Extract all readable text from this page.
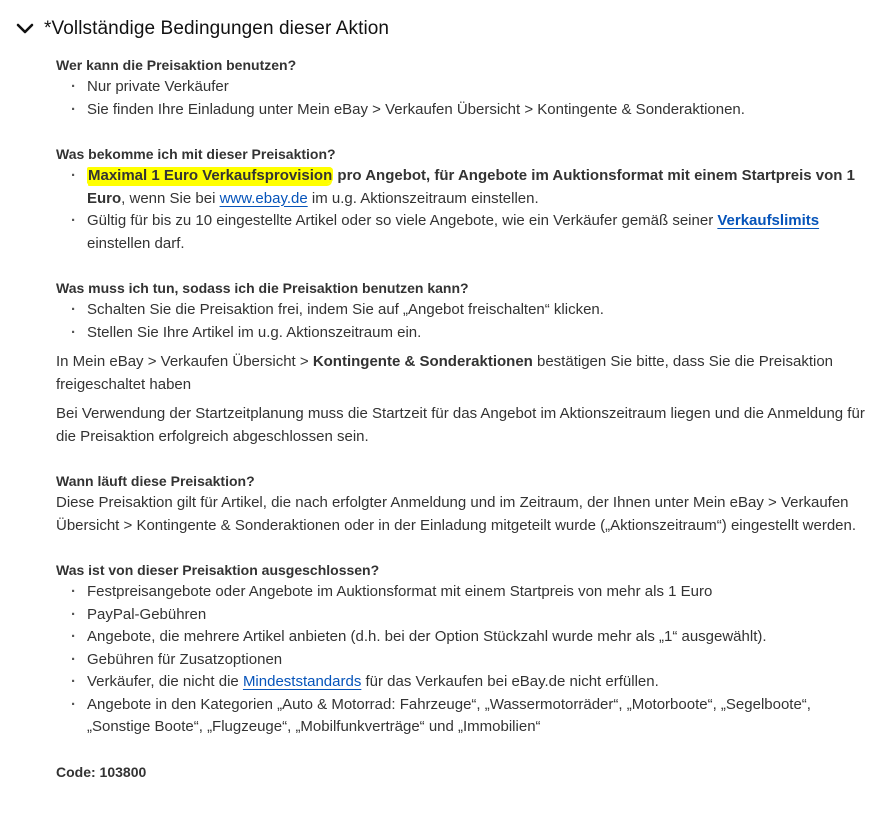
*Vollständige Bedingungen dieser Aktion

Wer kann die Preisaktion benutzen?

· Nur private Verkäufer
· Sie finden Ihre Einladung unter Mein eBay > Verkaufen Übersicht > Kontingente & Sonderaktionen.

Was bekomme ich mit dieser Preisaktion?

· Maximal 1 Euro Verkaufsprovision pro Angebot, für Angebote im Auktionsformat mit einem Startpreis von 1 Euro, wenn Sie bei www.ebay.de im u.g. Aktionszeitraum einstellen.
· Gültig für bis zu 10 eingestellte Artikel oder so viele Angebote, wie ein Verkäufer gemäß seiner Verkaufslimits einstellen darf.

Was muss ich tun, sodass ich die Preisaktion benutzen kann?

· Schalten Sie die Preisaktion frei, indem Sie auf „Angebot freischalten“ klicken.
· Stellen Sie Ihre Artikel im u.g. Aktionszeitraum ein.

In Mein eBay > Verkaufen Übersicht > Kontingente & Sonderaktionen bestätigen Sie bitte, dass Sie die Preisaktion freigeschaltet haben

Bei Verwendung der Startzeitplanung muss die Startzeit für das Angebot im Aktionszeitraum liegen und die Anmeldung für die Preisaktion erfolgreich abgeschlossen sein.

Wann läuft diese Preisaktion?

Diese Preisaktion gilt für Artikel, die nach erfolgter Anmeldung und im Zeitraum, der Ihnen unter Mein eBay > Verkaufen Übersicht > Kontingente & Sonderaktionen oder in der Einladung mitgeteilt wurde („Aktionszeitraum“) eingestellt werden.

Was ist von dieser Preisaktion ausgeschlossen?

· Festpreisangebote oder Angebote im Auktionsformat mit einem Startpreis von mehr als 1 Euro
· PayPal-Gebühren
· Angebote, die mehrere Artikel anbieten (d.h. bei der Option Stückzahl wurde mehr als „1“ ausgewählt).
· Gebühren für Zusatzoptionen
· Verkäufer, die nicht die Mindeststandards für das Verkaufen bei eBay.de nicht erfüllen.
· Angebote in den Kategorien „Auto & Motorrad: Fahrzeuge“, „Wassermotorräder“, „Motorboote“, „Segelboote“, „Sonstige Boote“, „Flugzeuge“, „Mobilfunkverträge“ und „Immobilien“

Code: 103800
